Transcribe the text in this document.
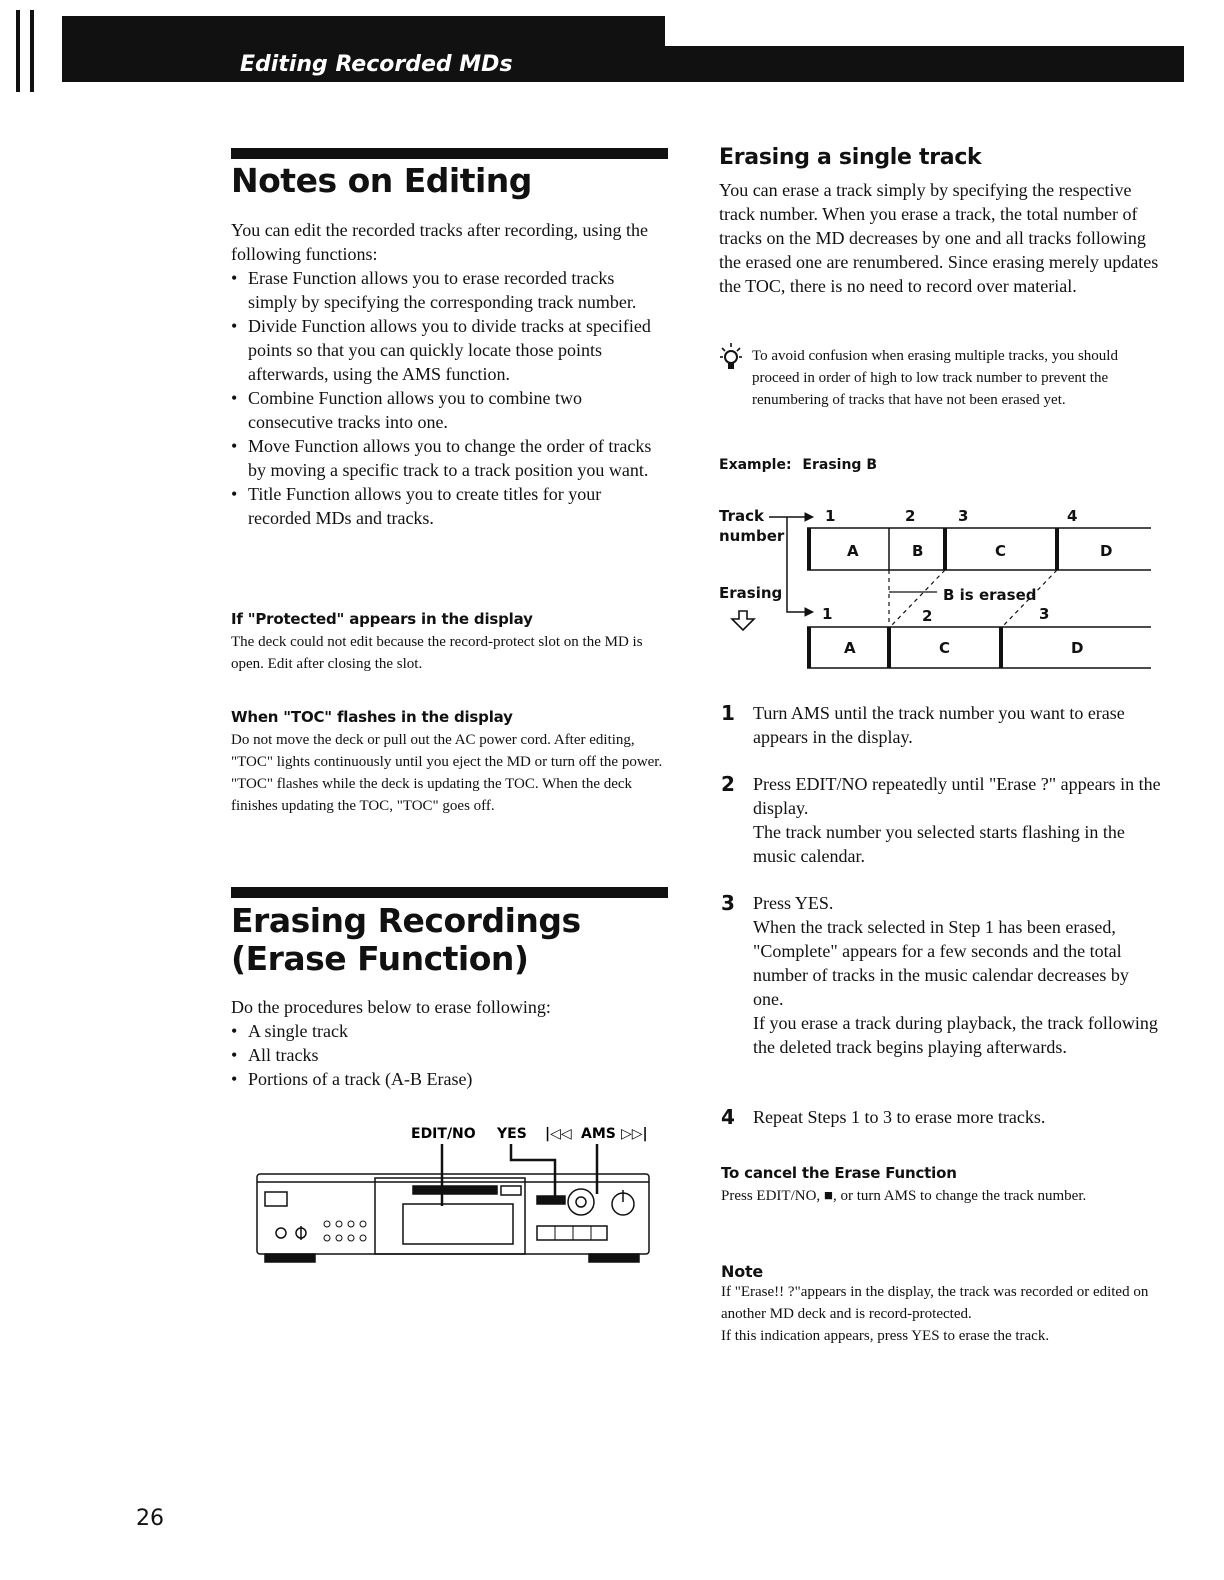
Editing Recorded MDs
Notes on Editing

You can edit the recorded tracks after recording, using the following functions:

• Erase Function allows you to erase recorded tracks simply by specifying the corresponding track number.
• Divide Function allows you to divide tracks at specified points so that you can quickly locate those points afterwards, using the AMS function.
• Combine Function allows you to combine two consecutive tracks into one.
• Move Function allows you to change the order of tracks by moving a specific track to a track position you want.
• Title Function allows you to create titles for your recorded MDs and tracks.
If "Protected" appears in the display

The deck could not edit because the record-protect slot on the MD is open. Edit after closing the slot.

When "TOC" flashes in the display

Do not move the deck or pull out the AC power cord. After editing, "TOC" lights continuously until you eject the MD or turn off the power. "TOC" flashes while the deck is updating the TOC. When the deck finishes updating the TOC, "TOC" goes off.

Erasing Recordings
(Erase Function)

Do the procedures below to erase following:

• A single track
• All tracks
• Portions of a track (A-B Erase)
EDIT/NO YES |◁◁ AMS ▷▷|
Erasing a single track

You can erase a track simply by specifying the respective track number. When you erase a track, the total number of tracks on the MD decreases by one and all tracks following the erased one are renumbered. Since erasing merely updates the TOC, there is no need to record over material.

To avoid confusion when erasing multiple tracks, you should proceed in order of high to low track number to prevent the renumbering of tracks that have not been erased yet.

Example: Erasing B
Track
number
Erasing
1	2	3	4
A	B	C	D
B is erased
1	2	3
A	C	D
1 Turn AMS until the track number you want to erase appears in the display.

2 Press EDIT/NO repeatedly until "Erase ?" appears in the display.

The track number you selected starts flashing in the music calendar.

3 Press YES.

When the track selected in Step 1 has been erased, "Complete" appears for a few seconds and the total number of tracks in the music calendar decreases by one.

If you erase a track during playback, the track following the deleted track begins playing afterwards.

4 Repeat Steps 1 to 3 to erase more tracks.

To cancel the Erase Function

Press EDIT/NO, ■, or turn AMS to change the track number.

Note

If "Erase!! ?"appears in the display, the track was recorded or edited on another MD deck and is record-protected.

If this indication appears, press YES to erase the track.

26
